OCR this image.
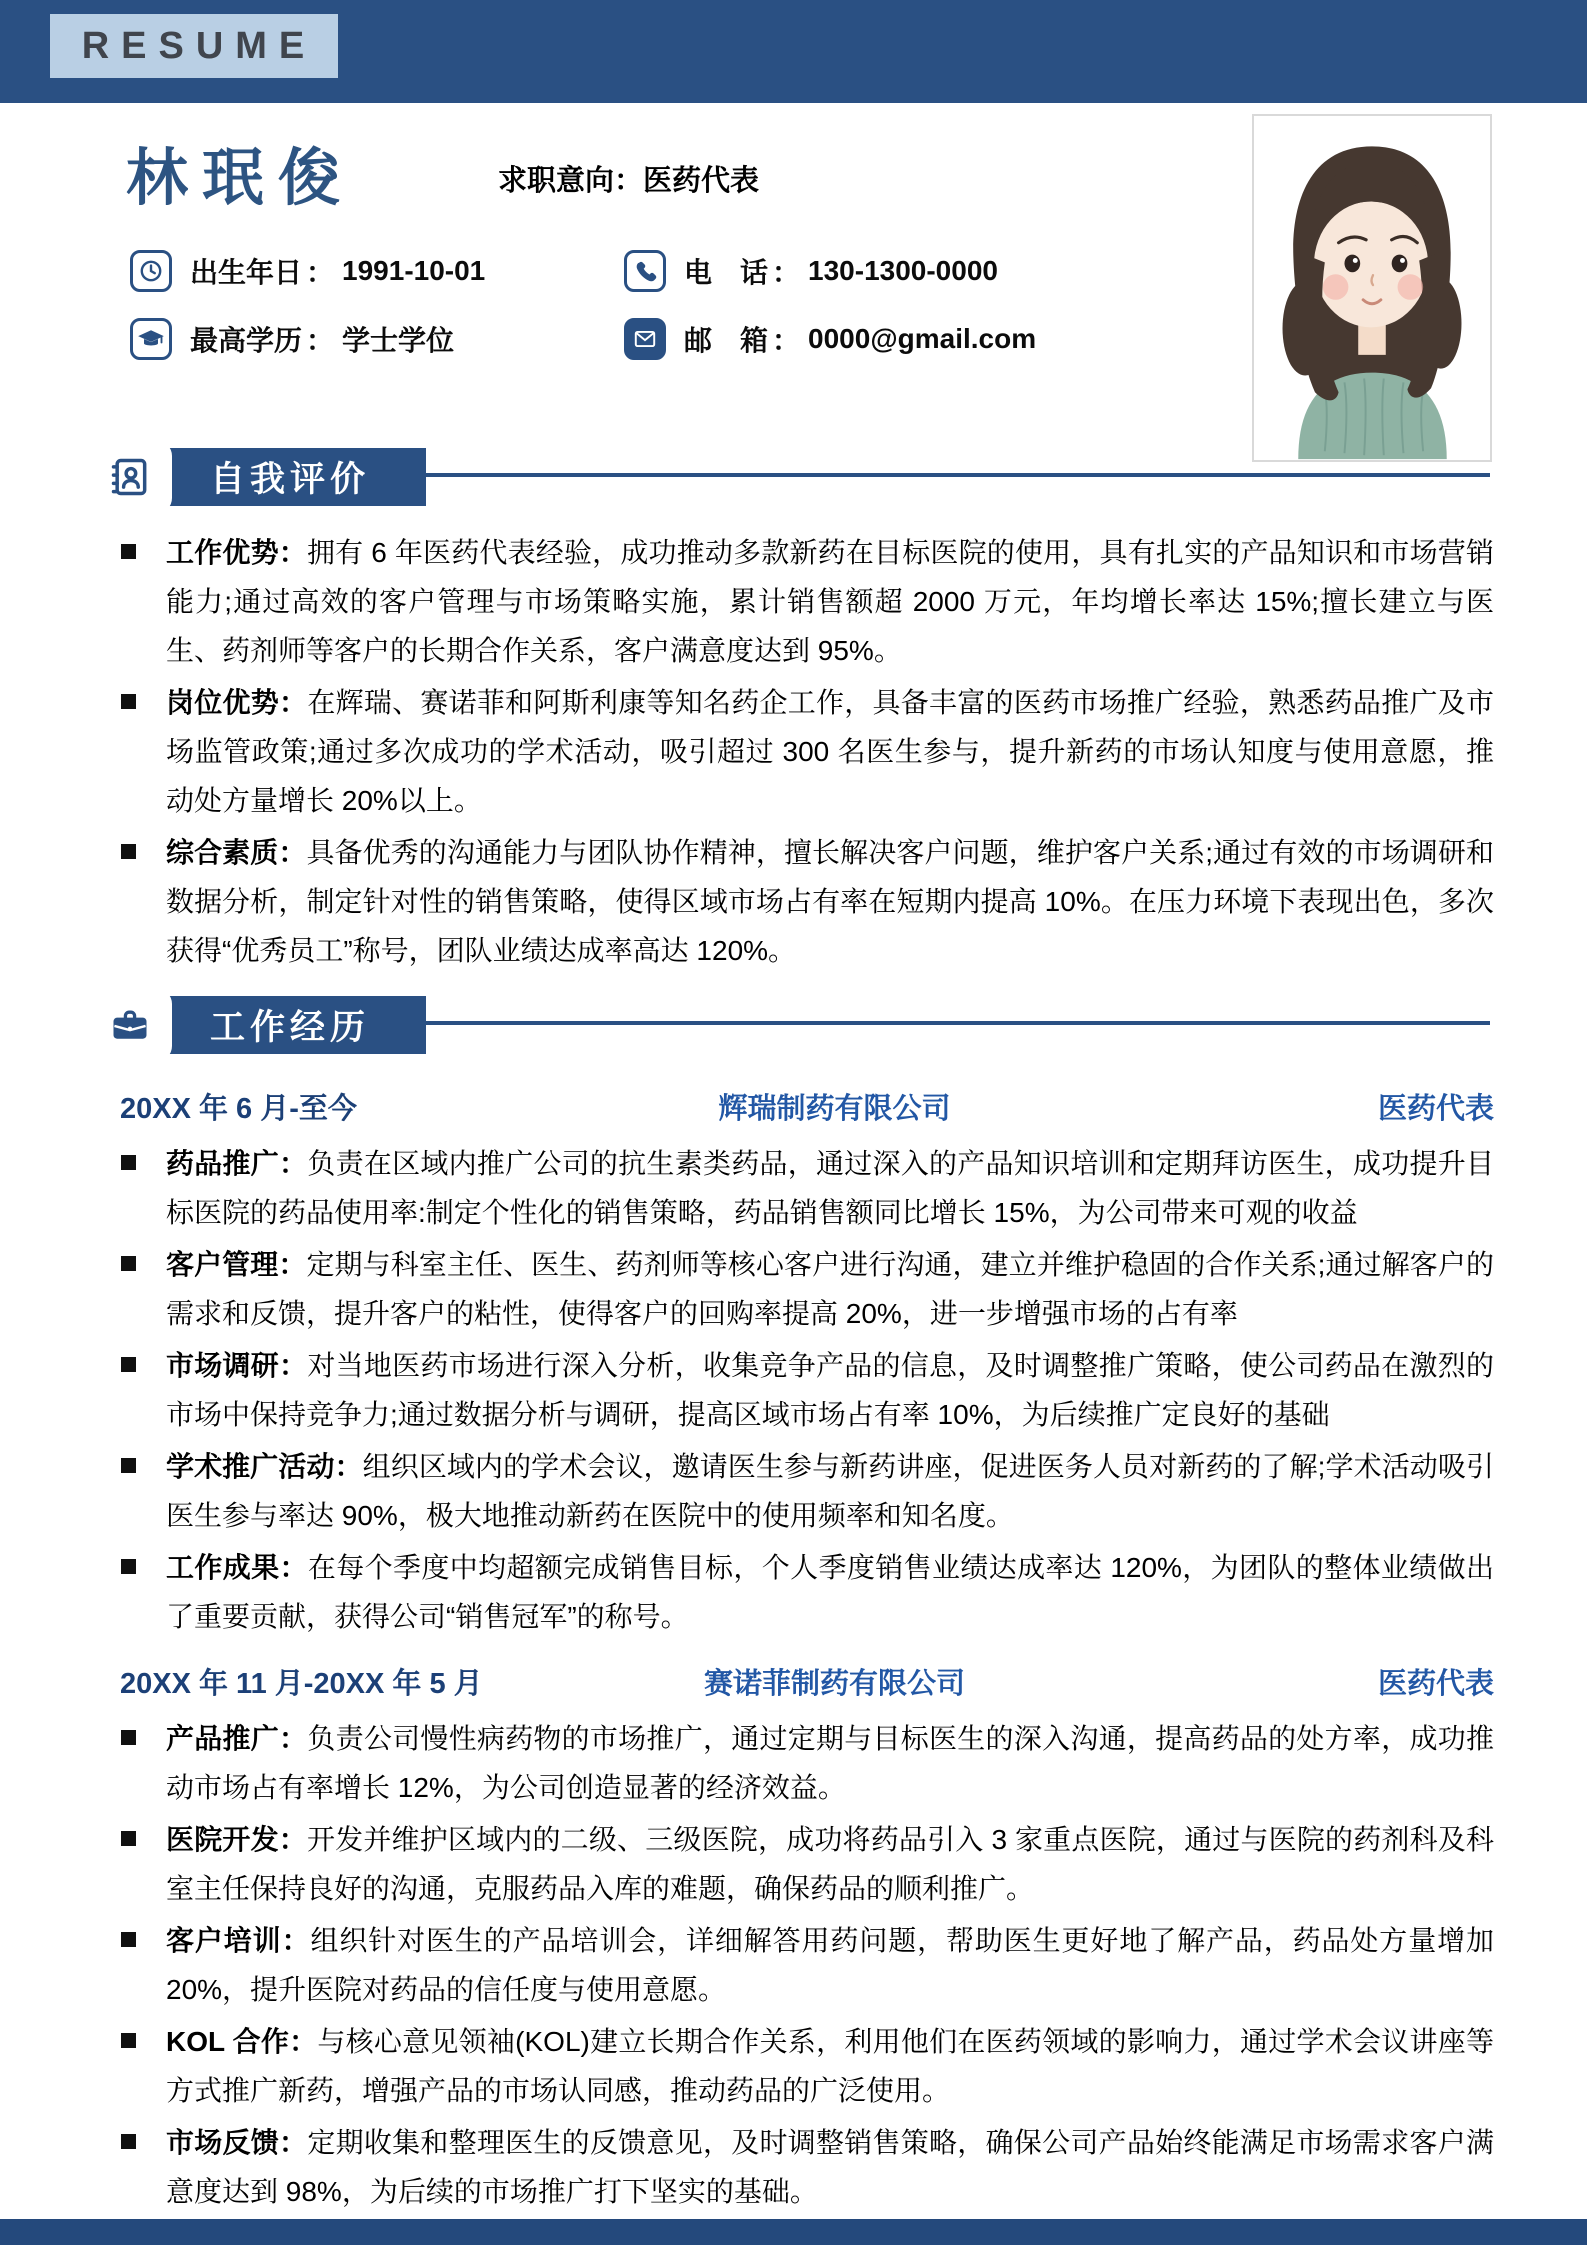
RESUME
林珉俊	求职意向：医药代表
出生年日 ： 1991-10-01	电　话 ： 130-1300-0000
最高学历 ： 学士学位	邮　箱 ： 0000@gmail.com
自我评价
工作优势：拥有 6 年医药代表经验，成功推动多款新药在目标医院的使用，具有扎实的产品知识和市场营销能力;通过高效的客户管理与市场策略实施，累计销售额超 2000 万元，年均增长率达 15%;擅长建立与医生、药剂师等客户的长期合作关系，客户满意度达到 95%。
岗位优势：在辉瑞、赛诺菲和阿斯利康等知名药企工作，具备丰富的医药市场推广经验，熟悉药品推广及市场监管政策;通过多次成功的学术活动，吸引超过 300 名医生参与，提升新药的市场认知度与使用意愿，推动处方量增长 20%以上。
综合素质：具备优秀的沟通能力与团队协作精神，擅长解决客户问题，维护客户关系;通过有效的市场调研和数据分析，制定针对性的销售策略，使得区域市场占有率在短期内提高 10%。在压力环境下表现出色，多次获得“优秀员工”称号，团队业绩达成率高达 120%。
工作经历
20XX 年 6 月-至今	辉瑞制药有限公司	医药代表
药品推广：负责在区域内推广公司的抗生素类药品，通过深入的产品知识培训和定期拜访医生，成功提升目标医院的药品使用率:制定个性化的销售策略，药品销售额同比增长 15%，为公司带来可观的收益
客户管理：定期与科室主任、医生、药剂师等核心客户进行沟通，建立并维护稳固的合作关系;通过解客户的需求和反馈，提升客户的粘性，使得客户的回购率提高 20%，进一步增强市场的占有率
市场调研：对当地医药市场进行深入分析，收集竞争产品的信息，及时调整推广策略，使公司药品在激烈的市场中保持竞争力;通过数据分析与调研，提高区域市场占有率 10%，为后续推广定良好的基础
学术推广活动：组织区域内的学术会议，邀请医生参与新药讲座，促进医务人员对新药的了解;学术活动吸引医生参与率达 90%，极大地推动新药在医院中的使用频率和知名度。
工作成果：在每个季度中均超额完成销售目标，个人季度销售业绩达成率达 120%，为团队的整体业绩做出了重要贡献，获得公司“销售冠军”的称号。
20XX 年 11 月-20XX 年 5 月	赛诺菲制药有限公司	医药代表
产品推广：负责公司慢性病药物的市场推广，通过定期与目标医生的深入沟通，提高药品的处方率，成功推动市场占有率增长 12%，为公司创造显著的经济效益。
医院开发：开发并维护区域内的二级、三级医院，成功将药品引入 3 家重点医院，通过与医院的药剂科及科室主任保持良好的沟通，克服药品入库的难题，确保药品的顺利推广。
客户培训：组织针对医生的产品培训会，详细解答用药问题，帮助医生更好地了解产品，药品处方量增加 20%，提升医院对药品的信任度与使用意愿。
KOL 合作：与核心意见领袖(KOL)建立长期合作关系，利用他们在医药领域的影响力，通过学术会议讲座等方式推广新药，增强产品的市场认同感，推动药品的广泛使用。
市场反馈：定期收集和整理医生的反馈意见，及时调整销售策略，确保公司产品始终能满足市场需求客户满意度达到 98%，为后续的市场推广打下坚实的基础。
